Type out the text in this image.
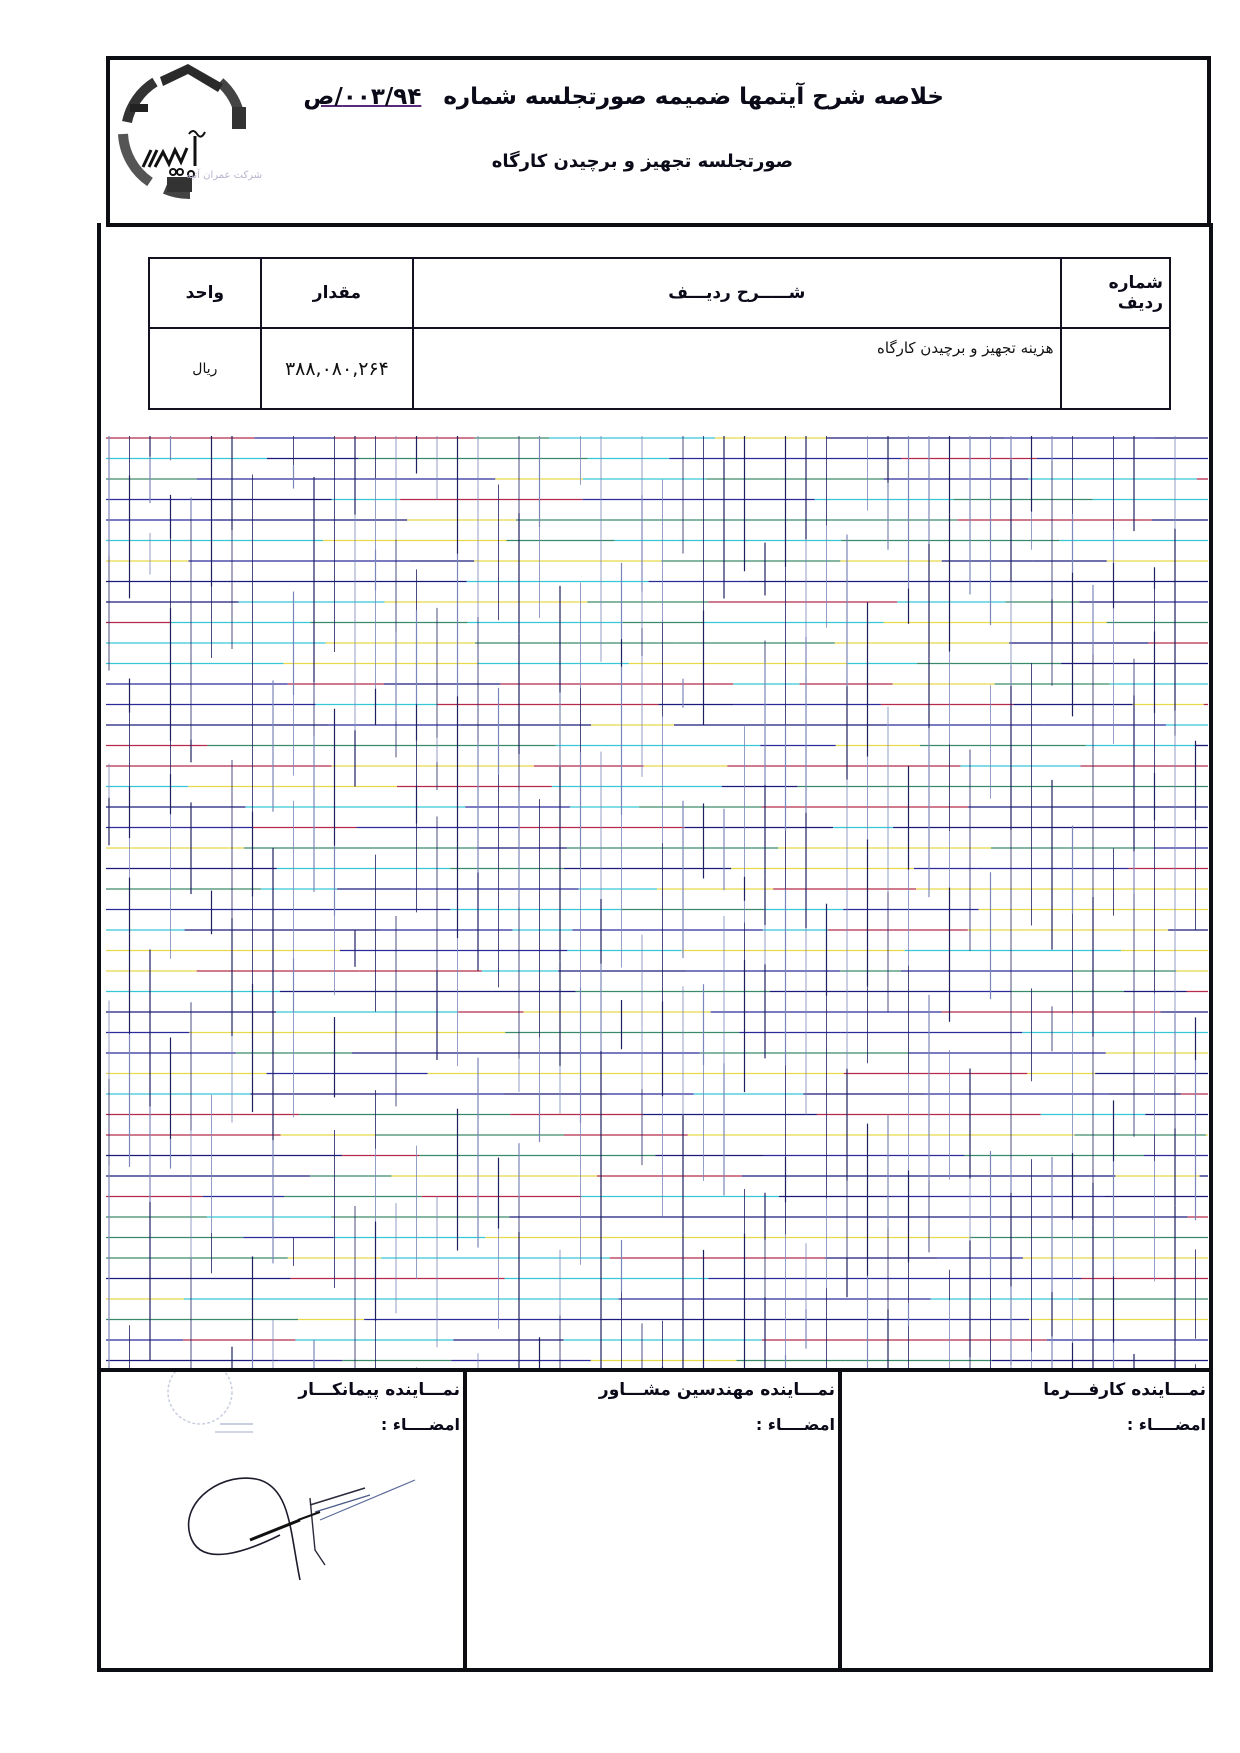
شرکت عمران آتیه
خلاصه شرح آیتمها ضمیمه صورتجلسه شماره۰۰۳/۹۴/ص
صورتجلسه تجهیز و برچیدن کارگاه
شماره ردیف	شـــــرح ردیـــف	مقدار	واحد
	هزینه تجهیز و برچیدن کارگاه	۳۸۸,۰۸۰,۲۶۴	ریال
نمـــاینده کارفـــرما
امضــــاء :
نمـــاینده مهندسین مشـــاور
امضــــاء :
نمـــاینده پیمانکـــار
امضــــاء :
